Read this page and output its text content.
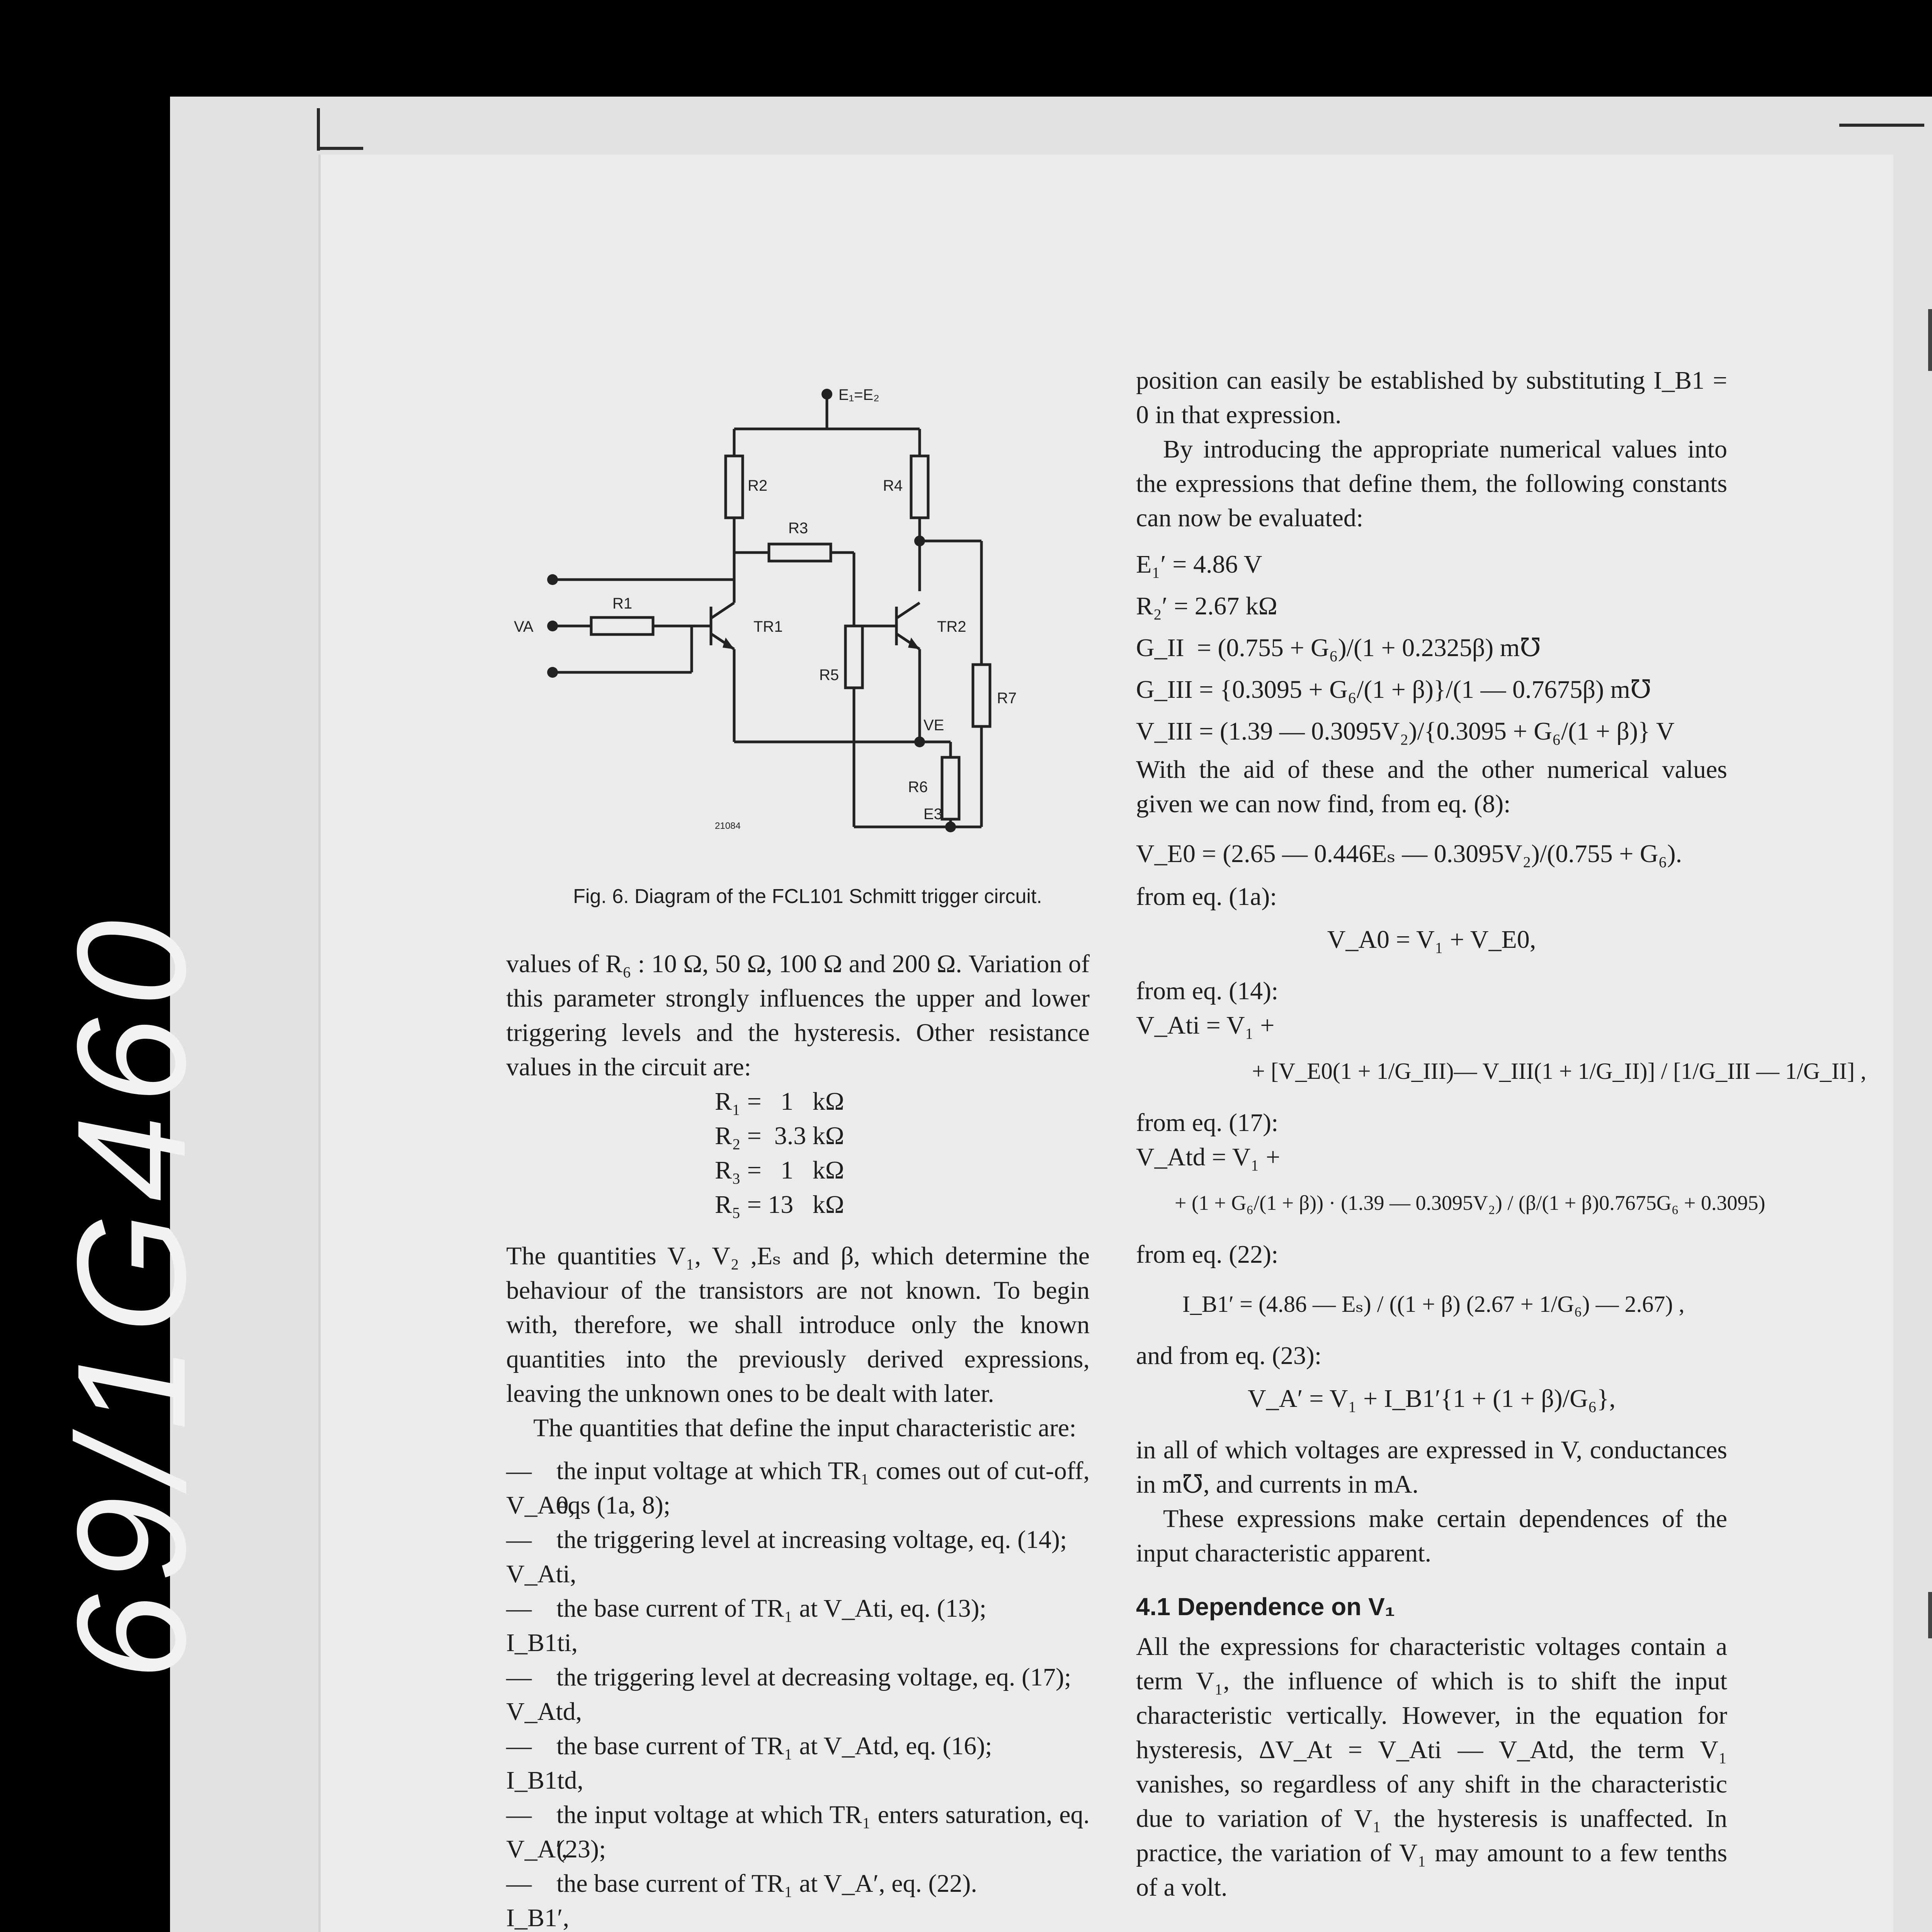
69/1G460
E₁=E₂
R2	R4
R3
R1
TR1	TR2
R5
R7
VE
R6
E3
VA
21084
Fig. 6. Diagram of the FCL101 Schmitt trigger circuit.

values of R₆ : 10 Ω, 50 Ω, 100 Ω and 200 Ω. Variation of this parameter strongly influences the upper and lower triggering levels and the hysteresis. Other resistance values in the circuit are:

R₁ =   1   kΩ
R₂ =  3.3 kΩ
R₃ =   1   kΩ
R₅ = 13   kΩ

The quantities V₁, V₂ ,Eₛ and β, which determine the behaviour of the transistors are not known. To begin with, therefore, we shall introduce only the known quantities into the previously derived expressions, leaving the unknown ones to be dealt with later.

The quantities that define the input characteristic are:

— V_A0,
the input voltage at which TR₁ comes out of cut-off, eqs (1a, 8);
— V_Ati,
the triggering level at increasing voltage, eq. (14);
— I_B1ti,
the base current of TR₁ at V_Ati, eq. (13);
— V_Atd,
the triggering level at decreasing voltage, eq. (17);
— I_B1td,
the base current of TR₁ at V_Atd, eq. (16);
— V_A′,
the input voltage at which TR₁ enters saturation, eq. (23);
— I_B1′,
the base current of TR₁ at V_A′, eq. (22).

position can easily be established by substituting I_B1 = 0 in that expression.

By introducing the appropriate numerical values into the expressions that define them, the following constants can now be evaluated:

E₁′ = 4.86 V
R₂′ = 2.67 kΩ
G_II  = (0.755 + G₆)/(1 + 0.2325β) m℧
G_III = {0.3095 + G₆/(1 + β)}/(1 — 0.7675β) m℧
V_III = (1.39 — 0.3095V₂)/{0.3095 + G₆/(1 + β)} V

With the aid of these and the other numerical values given we can now find, from eq. (8):

V_E0 = (2.65 — 0.446Eₛ — 0.3095V₂)/(0.755 + G₆).
from eq. (1a):
V_A0 = V₁ + V_E0,
from eq. (14):
V_Ati = V₁ +
+ [V_E0(1 + 1/G_III)— V_III(1 + 1/G_II)] / [1/G_III — 1/G_II] ,
from eq. (17):
V_Atd = V₁ +
+ (1 + G₆/(1 + β)) · (1.39 — 0.3095V₂) / (β/(1 + β)0.7675G₆ + 0.3095)
from eq. (22):
I_B1′ = (4.86 — Eₛ) / ((1 + β) (2.67 + 1/G₆) — 2.67) ,
and from eq. (23):
V_A′ = V₁ + I_B1′{1 + (1 + β)/G₆},

in all of which voltages are expressed in V, conductances in m℧, and currents in mA.

These expressions make certain dependences of the input characteristic apparent.

4.1 Dependence on V₁

All the expressions for characteristic voltages contain a term V₁, the influence of which is to shift the input characteristic vertically. However, in the equation for hysteresis, ΔV_At = V_Ati — V_Atd, the term V₁ vanishes, so regardless of any shift in the characteristic due to variation of V₁ the hysteresis is unaffected. In practice, the variation of V₁ may amount to a few tenths of a volt.
